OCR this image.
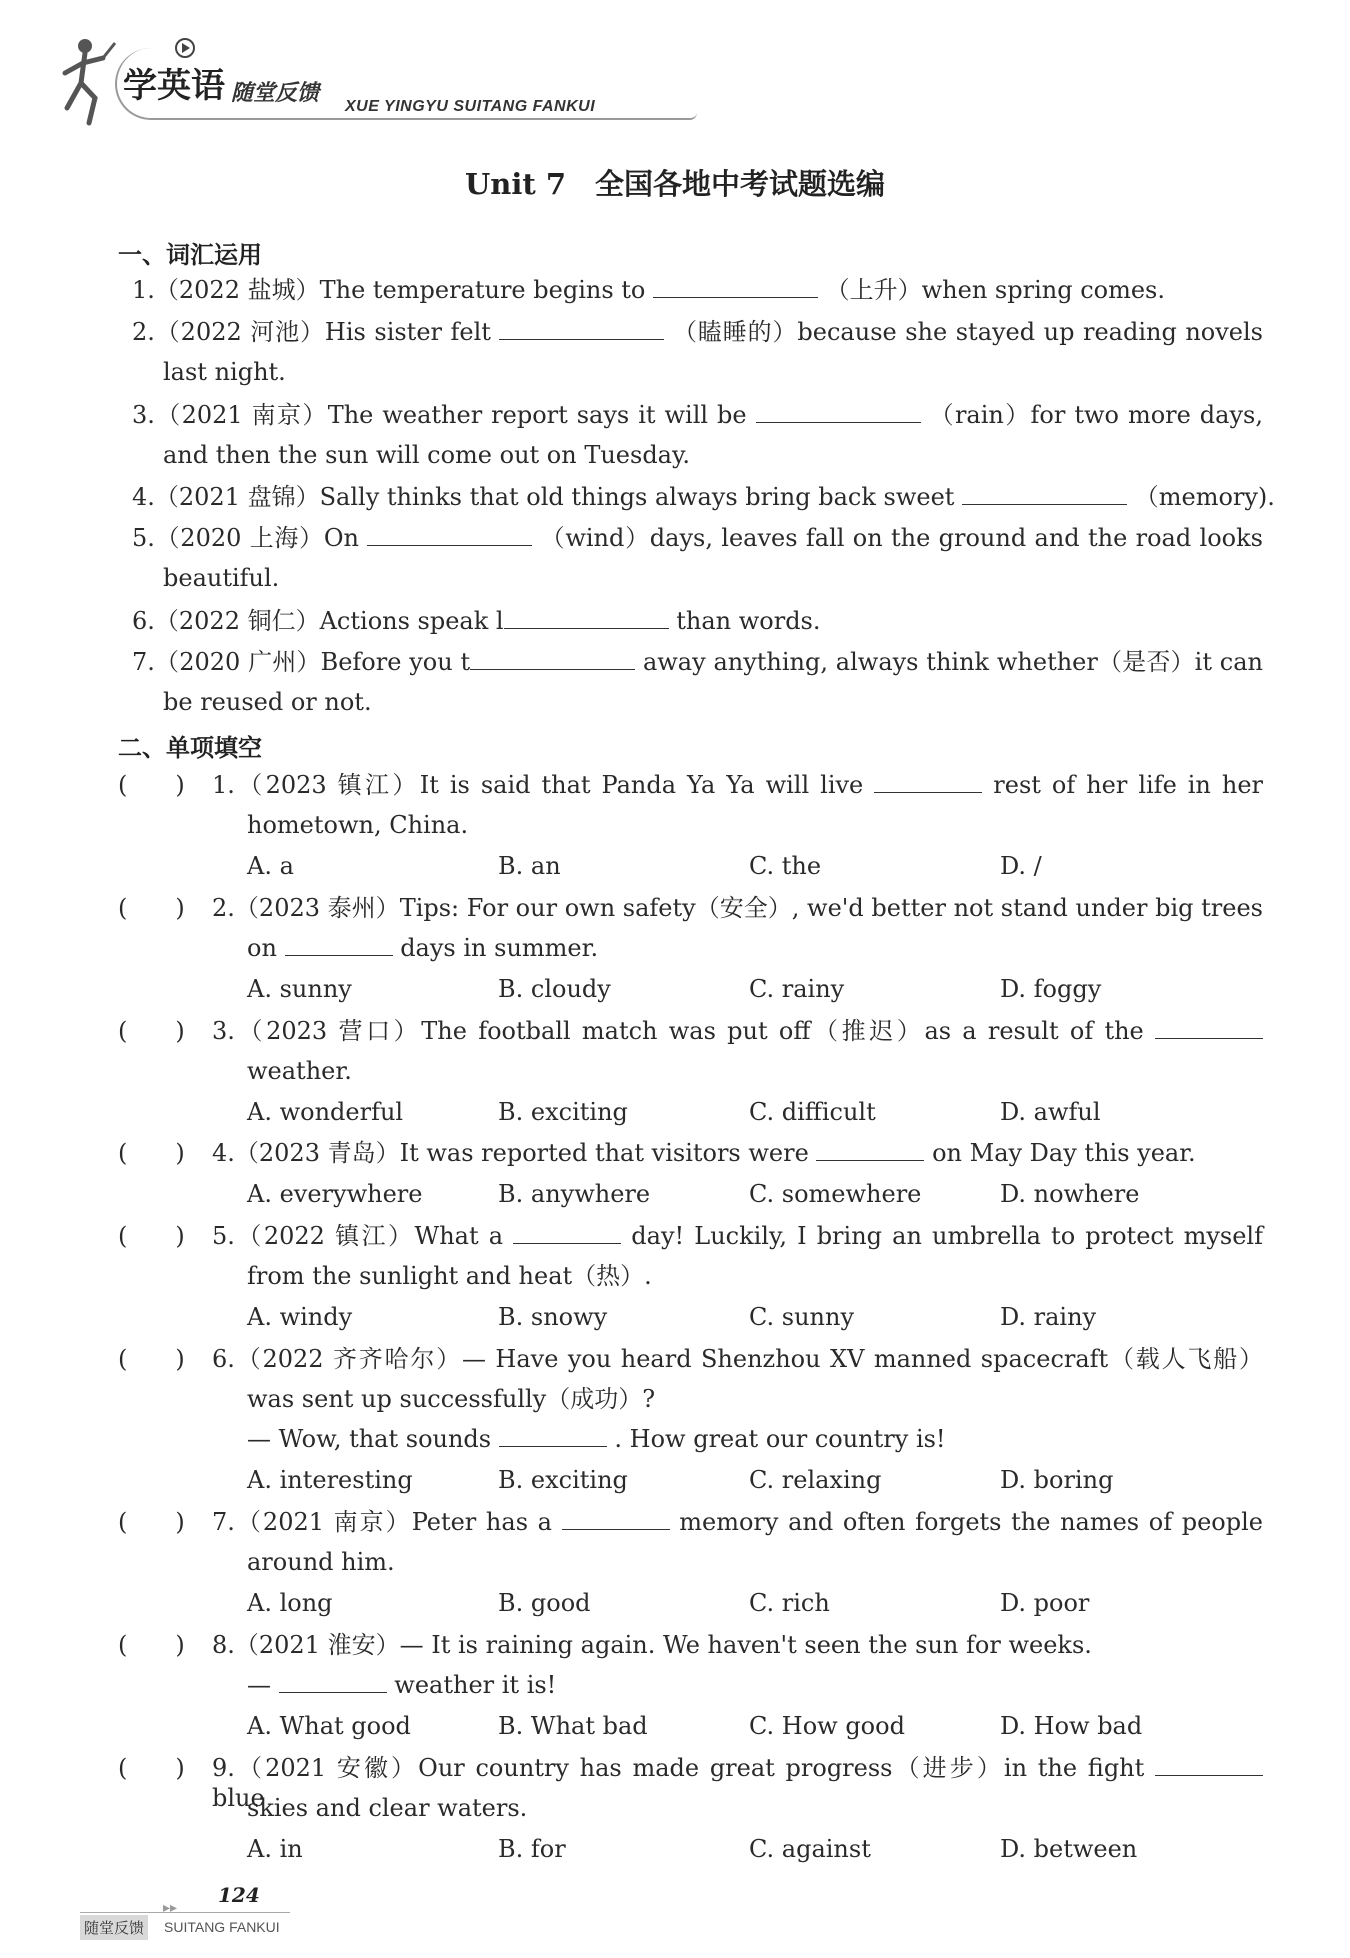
学英语 随堂反馈
XUE YINGYU SUITANG FANKUI
Unit 7　全国各地中考试题选编
一、词汇运用
1.（2022 盐城）The temperature begins to	（上升）when spring comes.
2.（2022 河池）His sister felt	（瞌睡的）because she stayed up reading novels
last night.
3.（2021 南京）The weather report says it will be	（rain）for two more days,
and then the sun will come out on Tuesday.
4.（2021 盘锦）Sally thinks that old things always bring back sweet	（memory).
5.（2020 上海）On	（wind）days, leaves fall on the ground and the road looks
beautiful.
6.（2022 铜仁）Actions speak l	than words.
7.（2020 广州）Before you t	away anything, always think whether（是否）it can
be reused or not.
二、单项填空
(　　) 1.（2023 镇江）It is said that Panda Ya Ya will live	rest of her life in her
hometown, China.
A. a	B. an	C. the	D. /
(　　) 2.（2023 泰州）Tips: For our own safety（安全）, we'd better not stand under big trees
on	days in summer.
A. sunny	B. cloudy	C. rainy	D. foggy
(　　) 3.（2023 营口）The football match was put off（推迟）as a result of the
weather.
A. wonderful	B. exciting	C. difficult	D. awful
(　　) 4.（2023 青岛）It was reported that visitors were	on May Day this year.
A. everywhere	B. anywhere	C. somewhere	D. nowhere
(　　) 5.（2022 镇江）What a	day! Luckily, I bring an umbrella to protect myself
from the sunlight and heat（热）.
A. windy	B. snowy	C. sunny	D. rainy
(　　) 6.（2022 齐齐哈尔）— Have you heard Shenzhou XV manned spacecraft（载人飞船）
was sent up successfully（成功）?
— Wow, that sounds	. How great our country is!
A. interesting	B. exciting	C. relaxing	D. boring
(　　) 7.（2021 南京）Peter has a	memory and often forgets the names of people
around him.
A. long	B. good	C. rich	D. poor
(　　) 8.（2021 淮安）— It is raining again. We haven't seen the sun for weeks.
—	weather it is!
A. What good	B. What bad	C. How good	D. How bad
(　　) 9.（2021 安徽）Our country has made great progress（进步）in the fight  blue
skies and clear waters.
A. in	B. for	C. against	D. between
▸▸
124
随堂反馈 SUITANG FANKUI
